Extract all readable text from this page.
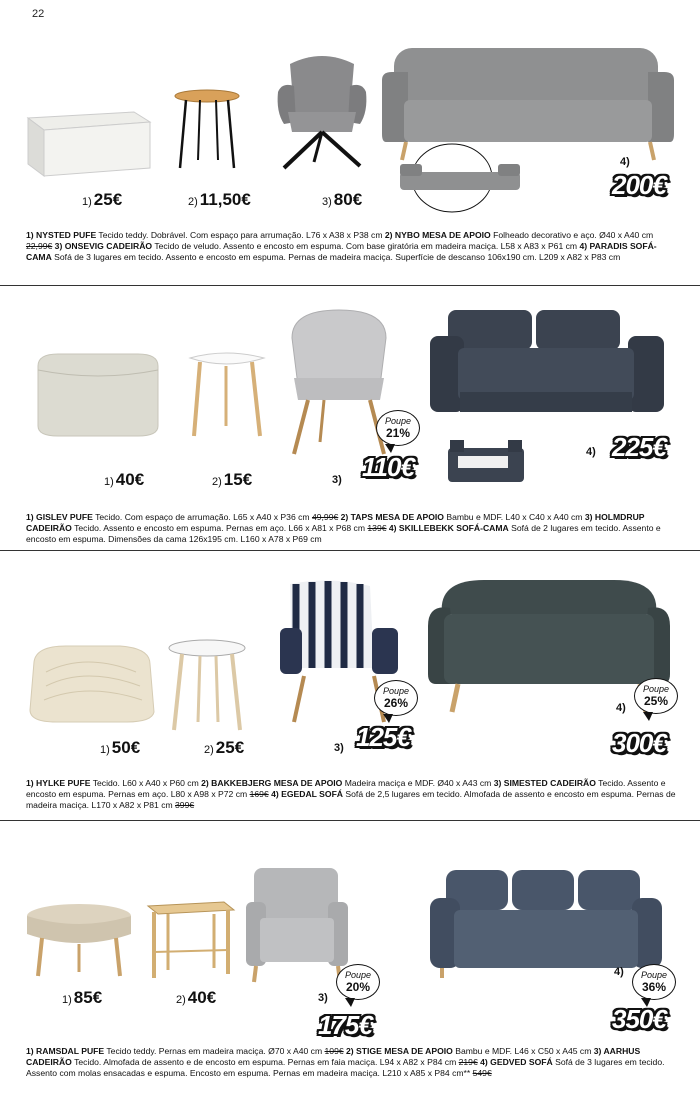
22
1) 25€	2) 11,50€	3) 80€
4)
200€
1) NYSTED PUFE Tecido teddy. Dobrável. Com espaço para arrumação. L76 x A38 x P38 cm 2) NYBO MESA DE APOIO Folheado decorativo e aço. Ø40 x A40 cm 22,99€ 3) ONSEVIG CADEIRÃO Tecido de veludo. Assento e encosto em espuma. Com base giratória em madeira maciça. L58 x A83 x P61 cm 4) PARADIS SOFÁ-CAMA Sofá de 3 lugares em tecido. Assento e encosto em espuma. Pernas de madeira maciça. Superfície de descanso 106x190 cm. L209 x A82 x P83 cm
1) 40€	2) 15€	3)
Poupe
21%
110€	4) 225€
1) GISLEV PUFE Tecido. Com espaço de arrumação. L65 x A40 x P36 cm 49,99€ 2) TAPS MESA DE APOIO Bambu e MDF. L40 x C40 x A40 cm 3) HOLMDRUP CADEIRÃO Tecido. Assento e encosto em espuma. Pernas em aço. L66 x A81 x P68 cm 139€ 4) SKILLEBEKK SOFÁ-CAMA Sofá de 2 lugares em tecido. Assento e encosto em espuma. Dimensões da cama 126x195 cm. L160 x A78 x P69 cm
1) 50€	2) 25€	3)
Poupe
26%
125€
4)
Poupe
25%
300€
1) HYLKE PUFE Tecido. L60 x A40 x P60 cm 2) BAKKEBJERG MESA DE APOIO Madeira maciça e MDF. Ø40 x A43 cm 3) SIMESTED CADEIRÃO Tecido. Assento e encosto em espuma. Pernas em aço. L80 x A98 x P72 cm 169€ 4) EGEDAL SOFÁ Sofá de 2,5 lugares em tecido. Almofada de assento e encosto em espuma. Pernas de madeira maciça. L170 x A82 x P81 cm 399€
1) 85€	2) 40€	3)
Poupe
20%
175€
4)	Poupe
36%
350€
1) RAMSDAL PUFE Tecido teddy. Pernas em madeira maciça. Ø70 x A40 cm 109€ 2) STIGE MESA DE APOIO Bambu e MDF. L46 x C50 x A45 cm 3) AARHUS CADEIRÃO Tecido. Almofada de assento e de encosto em espuma. Pernas em faia maciça. L94 x A82 x P84 cm 219€ 4) GEDVED SOFÁ Sofá de 3 lugares em tecido. Assento com molas ensacadas e espuma. Encosto em espuma. Pernas em madeira maciça. L210 x A85 x P84 cm** 549€
